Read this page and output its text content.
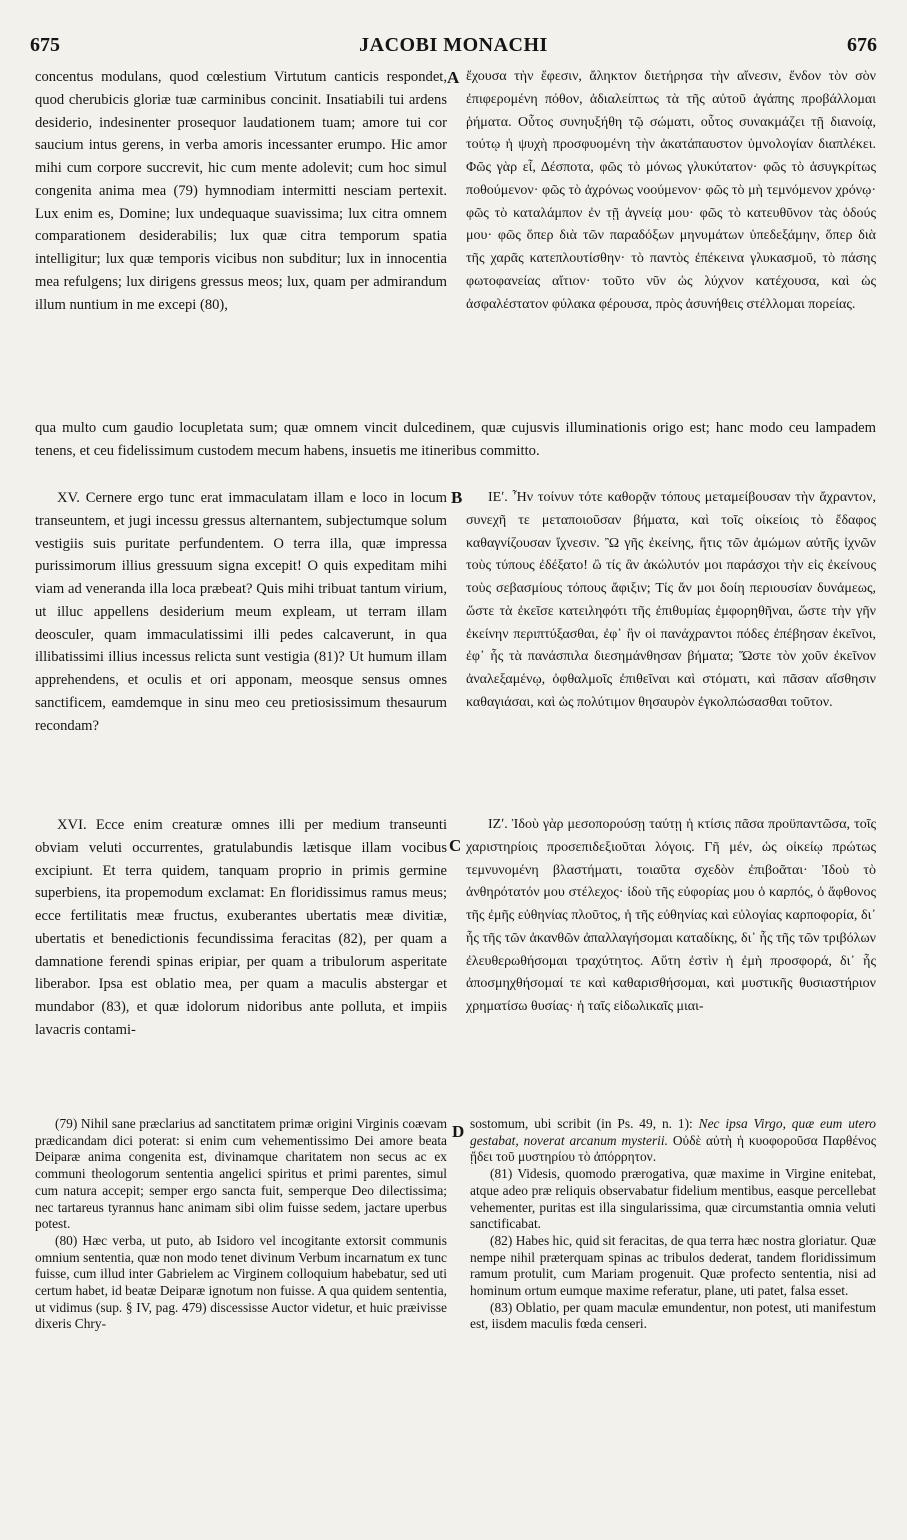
675	JACOBI MONACHI	676
A
B
C
D

concentus modulans, quod cœlestium Virtutum canticis respondet, quod cherubicis gloriæ tuæ carminibus concinit. Insatiabili tui ardens desiderio, indesinenter prosequor laudationem tuam; amore tui cor saucium intus gerens, in verba amoris incessanter erumpo. Hic amor mihi cum corpore succrevit, hic cum mente adolevit; cum hoc simul congenita anima mea (79) hymnodiam intermitti nesciam pertexit. Lux enim es, Domine; lux undequaque suavissima; lux citra omnem comparationem desiderabilis; lux quæ citra temporum spatia intelligitur; lux quæ temporis vicibus non subditur; lux in innocentia mea refulgens; lux dirigens gressus meos; lux, quam per admirandum illum nuntium in me excepi (80),

ἔχουσα τὴν ἔφεσιν, ἄληκτον διετήρησα τὴν αἴνεσιν, ἔνδον τὸν σὸν ἐπιφερομένη πόθον, ἀδιαλείπτως τὰ τῆς αὐτοῦ ἀγάπης προβάλλομαι ῥήματα. Οὗτος συνηυξήθη τῷ σώματι, οὗτος συνακμάζει τῇ διανοίᾳ, τούτῳ ἡ ψυχὴ προσφυομένη τὴν ἀκατάπαυστον ὑμνολογίαν διαπλέκει. Φῶς γὰρ εἶ, Δέσποτα, φῶς τὸ μόνως γλυκύτατον· φῶς τὸ ἀσυγκρίτως ποθούμενον· φῶς τὸ ἀχρόνως νοούμενον· φῶς τὸ μὴ τεμνόμενον χρόνῳ· φῶς τὸ καταλάμπον ἐν τῇ ἁγνείᾳ μου· φῶς τὸ κατευθῦνον τὰς ὁδούς μου· φῶς ὅπερ διὰ τῶν παραδόξων μηνυμάτων ὑπεδεξάμην, ὅπερ διὰ τῆς χαρᾶς κατεπλουτίσθην· τὸ παντὸς ἐπέκεινα γλυκασμοῦ, τὸ πάσης φωτοφανείας αἴτιον· τοῦτο νῦν ὡς λύχνον κατέχουσα, καὶ ὡς ἀσφαλέστατον φύλακα φέρουσα, πρὸς ἀσυνήθεις στέλλομαι πορείας.

qua multo cum gaudio locupletata sum; quæ omnem vincit dulcedinem, quæ cujusvis illuminationis origo est; hanc modo ceu lampadem tenens, et ceu fidelissimum custodem mecum habens, insuetis me itineribus committo.

XV. Cernere ergo tunc erat immaculatam illam e loco in locum transeuntem, et jugi incessu gressus alternantem, subjectumque solum vestigiis suis puritate perfundentem. O terra illa, quæ impressa purissimorum illius gressuum signa excepit! O quis expeditam mihi viam ad veneranda illa loca præbeat? Quis mihi tribuat tantum virium, ut illuc appellens desiderium meum expleam, ut terram illam deosculer, quam immaculatissimi illi pedes calcaverunt, in qua illibatissimi illius incessus relicta sunt vestigia (81)? Ut humum illam apprehendens, et oculis et ori apponam, meosque sensus omnes sanctificem, eamdemque in sinu meo ceu pretiosissimum thesaurum recondam?

ΙΕʹ. Ἦν τοίνυν τότε καθορᾷν τόπους μεταμείβουσαν τὴν ἄχραντον, συνεχῆ τε μεταποιοῦσαν βήματα, καὶ τοῖς οἰκείοις τὸ ἔδαφος καθαγνίζουσαν ἴχνεσιν. Ὢ γῆς ἐκείνης, ἥτις τῶν ἀμώμων αὐτῆς ἰχνῶν τοὺς τύπους ἐδέξατο! ὢ τίς ἂν ἀκώλυτόν μοι παράσχοι τὴν εἰς ἐκείνους τοὺς σεβασμίους τόπους ἄφιξιν; Τίς ἄν μοι δοίη περιουσίαν δυνάμεως, ὥστε τὰ ἐκεῖσε κατειληφότι τῆς ἐπιθυμίας ἐμφορηθῆναι, ὥστε τὴν γῆν ἐκείνην περιπτύξασθαι, ἐφ᾽ ἣν οἱ πανάχραντοι πόδες ἐπέβησαν ἐκεῖνοι, ἐφ᾽ ἧς τὰ πανάσπιλα διεσημάνθησαν βήματα; Ὥστε τὸν χοῦν ἐκεῖνον ἀναλεξαμένῳ, ὀφθαλμοῖς ἐπιθεῖναι καὶ στόματι, καὶ πᾶσαν αἴσθησιν καθαγιάσαι, καὶ ὡς πολύτιμον θησαυρὸν ἐγκολπώσασθαι τοῦτον.

XVI. Ecce enim creaturæ omnes illi per medium transeunti obviam veluti occurrentes, gratulabundis lætisque illam vocibus excipiunt. Et terra quidem, tanquam proprio in primis germine superbiens, ita propemodum exclamat: En floridissimus ramus meus; ecce fertilitatis meæ fructus, exuberantes ubertatis meæ divitiæ, ubertatis et benedictionis fecundissima feracitas (82), per quam a damnatione ferendi spinas eripiar, per quam a tribulorum asperitate liberabor. Ipsa est oblatio mea, per quam a maculis abstergar et mundabor (83), et quæ idolorum nidoribus ante polluta, et impiis lavacris contami-

ΙΖʹ. Ἰδοὺ γὰρ μεσοπορούσῃ ταύτῃ ἡ κτίσις πᾶσα προϋπαντῶσα, τοῖς χαριστηρίοις προσεπιδεξιοῦται λόγοις. Γῆ μέν, ὡς οἰκείῳ πρώτως τεμνυνομένη βλαστήματι, τοιαῦτα σχεδὸν ἐπιβοᾶται· Ἰδοὺ τὸ ἀνθηρότατόν μου στέλεχος· ἰδοὺ τῆς εὐφορίας μου ὁ καρπός, ὁ ἄφθονος τῆς ἐμῆς εὐθηνίας πλοῦτος, ἡ τῆς εὐθηνίας καὶ εὐλογίας καρποφορία, δι᾽ ἧς τῆς τῶν ἀκανθῶν ἀπαλλαγήσομαι καταδίκης, δι᾽ ἧς τῆς τῶν τριβόλων ἐλευθερωθήσομαι τραχύτητος. Αὕτη ἐστὶν ἡ ἐμὴ προσφορά, δι᾽ ἧς ἀποσμηχθήσομαί τε καὶ καθαρισθήσομαι, καὶ μυστικῆς θυσιαστήριον χρηματίσω θυσίας· ἡ ταῖς εἰδωλικαῖς μιαι-

(79) Nihil sane præclarius ad sanctitatem primæ origini Virginis coævam prædicandam dici poterat: si enim cum vehementissimo Dei amore beata Deiparæ anima congenita est, divinamque charitatem non secus ac ex communi theologorum sententia angelici spiritus et primi parentes, simul cum natura accepit; semper ergo sancta fuit, semperque Deo dilectissima; nec tartareus tyrannus hanc animam sibi olim fuisse sedem, jactare uperbus potest.

(80) Hæc verba, ut puto, ab Isidoro vel incogitante extorsit communis omnium sententia, quæ non modo tenet divinum Verbum incarnatum ex tunc fuisse, cum illud inter Gabrielem ac Virginem colloquium habebatur, sed uti certum habet, id beatæ Deiparæ ignotum non fuisse. A qua quidem sententia, ut vidimus (sup. § IV, pag. 479) discessisse Auctor videtur, et huic præivisse dixeris Chry-

sostomum, ubi scribit (in Ps. 49, n. 1): Nec ipsa Virgo, quæ eum utero gestabat, noverat arcanum mysterii. Οὐδὲ αὐτὴ ἡ κυοφοροῦσα Παρθένος ᾔδει τοῦ μυστηρίου τὸ ἀπόρρητον.

(81) Videsis, quomodo prærogativa, quæ maxime in Virgine enitebat, atque adeo præ reliquis observabatur fidelium mentibus, easque percellebat vehementer, puritas est illa singularissima, quæ circumstantia omnia veluti sanctificabat.

(82) Habes hic, quid sit feracitas, de qua terra hæc nostra gloriatur. Quæ nempe nihil præterquam spinas ac tribulos dederat, tandem floridissimum ramum protulit, cum Mariam progenuit. Quæ profecto sententia, nisi ad hominum ortum eumque maxime referatur, plane, uti patet, falsa esset.

(83) Oblatio, per quam maculæ emundentur, non potest, uti manifestum est, iisdem maculis fœda censeri.
